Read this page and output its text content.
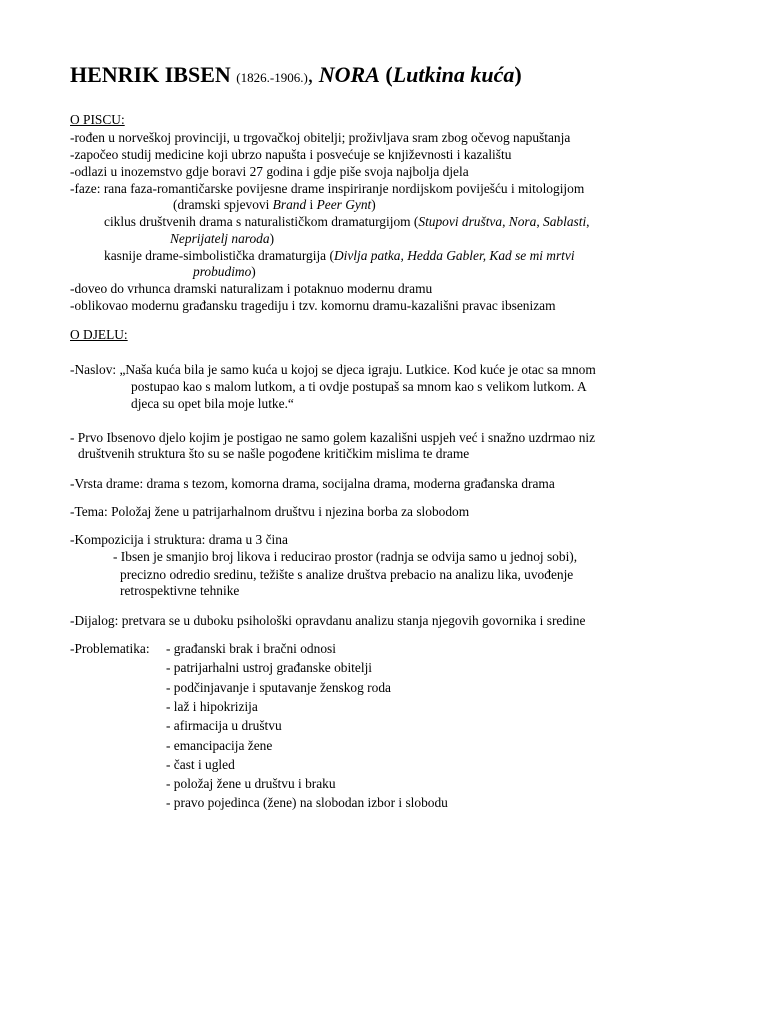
HENRIK IBSEN (1826.-1906.), NORA (Lutkina kuća)
O PISCU:
-rođen u norveškoj provinciji, u trgovačkoj obitelji; proživljava sram zbog očevog napuštanja
-započeo studij medicine koji ubrzo napušta i posvećuje se književnosti i kazalištu
-odlazi u inozemstvo gdje boravi 27 godina i gdje piše svoja najbolja djela
-faze: rana faza-romantičarske povijesne drame inspiriranje nordijskom poviješću i mitologijom
(dramski spjevovi Brand i Peer Gynt)
ciklus društvenih drama s naturalističkom dramaturgijom (Stupovi društva, Nora, Sablasti,
Neprijatelj naroda)
kasnije drame-simbolistička dramaturgija (Divlja patka, Hedda Gabler, Kad se mi mrtvi
probudimo)
-doveo do vrhunca dramski naturalizam i potaknuo modernu dramu
-oblikovao modernu građansku tragediju i tzv. komornu dramu-kazališni pravac ibsenizam
O DJELU:
-Naslov: „Naša kuća bila je samo kuća u kojoj se djeca igraju. Lutkice. Kod kuće je otac sa mnom
postupao kao s malom lutkom, a ti ovdje postupaš sa mnom kao s velikom lutkom. A
djeca su opet bila moje lutke.“
- Prvo Ibsenovo djelo kojim je postigao ne samo golem kazališni uspjeh već i snažno uzdrmao niz
društvenih struktura što su se našle pogođene kritičkim mislima te drame
-Vrsta drame: drama s tezom, komorna drama, socijalna drama, moderna građanska drama
-Tema: Položaj žene u patrijarhalnom društvu i njezina borba za slobodom
-Kompozicija i struktura: drama u 3 čina
- Ibsen je smanjio broj likova i reducirao prostor (radnja se odvija samo u jednoj sobi),
precizno odredio sredinu, težište s analize društva prebacio na analizu lika, uvođenje
retrospektivne tehnike
-Dijalog: pretvara se u duboku psihološki opravdanu analizu stanja njegovih govornika i sredine
-Problematika: - građanski brak i bračni odnosi
- patrijarhalni ustroj građanske obitelji
- podčinjavanje i sputavanje ženskog roda
- laž i hipokrizija
- afirmacija u društvu
- emancipacija žene
- čast i ugled
- položaj žene u društvu i braku
- pravo pojedinca (žene) na slobodan izbor i slobodu
